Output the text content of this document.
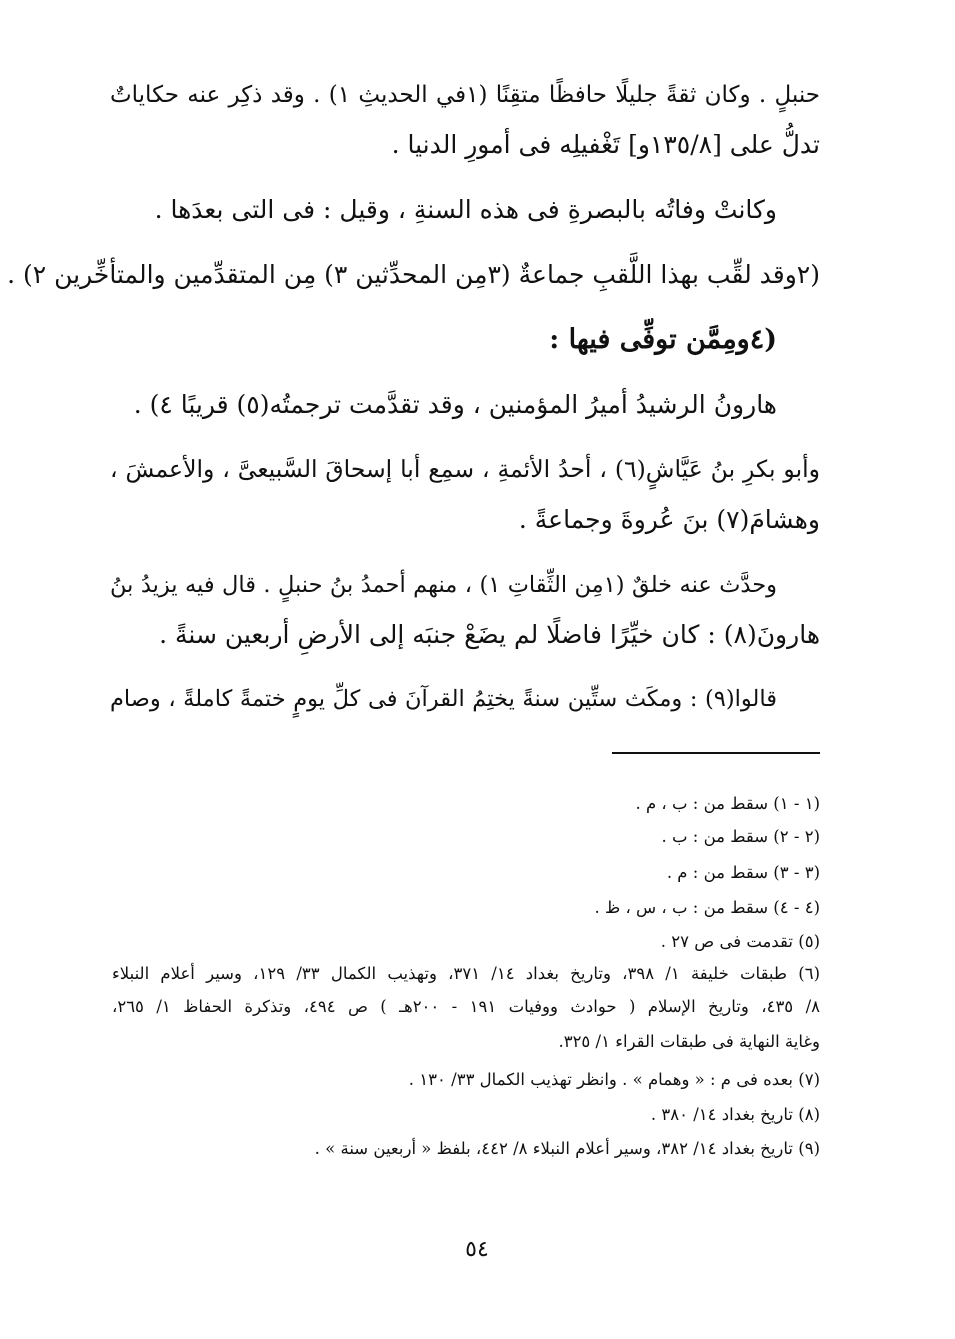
حنبلٍ . وكان ثقةً جليلًا حافظًا متقِنًا (١في الحديثِ ١) . وقد ذكِر عنه حكاياتٌ
تدلُّ على [١٣٥/٨و] تَغْفيلِه فى أمورِ الدنيا .
وكانتْ وفاتُه بالبصرةِ فى هذه السنةِ ، وقيل : فى التى بعدَها .
(٢وقد لقِّب بهذا اللَّقبِ جماعةٌ (٣مِن المحدِّثين ٣) مِن المتقدِّمين والمتأخِّرين ٢) .
(٤ومِمَّن توفِّى فيها :
هارونُ الرشيدُ أميرُ المؤمنين ، وقد تقدَّمت ترجمتُه(٥) قريبًا ٤) .
وأبو بكرِ بنُ عَيَّاشٍ(٦) ، أحدُ الأئمةِ ، سمِع أبا إسحاقَ السَّبيعىَّ ، والأعمشَ ،
وهشامَ(٧) بنَ عُروةَ وجماعةً .
وحدَّث عنه خلقٌ (١مِن الثِّقاتِ ١) ، منهم أحمدُ بنُ حنبلٍ . قال فيه يزيدُ بنُ
هارونَ(٨) : كان خيِّرًا فاضلًا لم يضَعْ جنبَه إلى الأرضِ أربعين سنةً .
قالوا(٩) : ومكَث ستِّين سنةً يختِمُ القرآنَ فى كلِّ يومٍ ختمةً كاملةً ، وصام
(١ - ١) سقط من : ب ، م .
(٢ - ٢) سقط من : ب .
(٣ - ٣) سقط من : م .
(٤ - ٤) سقط من : ب ، س ، ظ .
(٥) تقدمت فى ص ٢٧ .
(٦) طبقات خليفة ١/ ٣٩٨، وتاريخ بغداد ١٤/ ٣٧١، وتهذيب الكمال ٣٣/ ١٢٩، وسير أعلام النبلاء
٨/ ٤٣٥، وتاريخ الإسلام ( حوادث ووفيات ١٩١ - ٢٠٠هـ ) ص ٤٩٤، وتذكرة الحفاظ ١/ ٢٦٥،
وغاية النهاية فى طبقات القراء ١/ ٣٢٥.
(٧) بعده فى م : « وهمام » . وانظر تهذيب الكمال ٣٣/ ١٣٠ .
(٨) تاريخ بغداد ١٤/ ٣٨٠ .
(٩) تاريخ بغداد ١٤/ ٣٨٢، وسير أعلام النبلاء ٨/ ٤٤٢، بلفظ « أربعين سنة » .
٥٤
